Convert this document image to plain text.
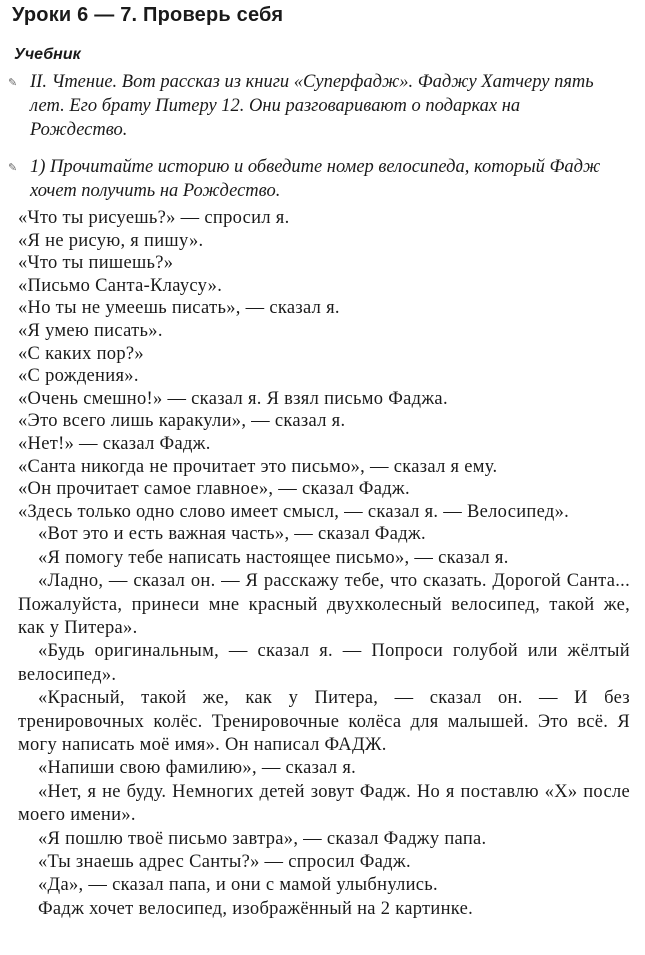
Уроки 6 — 7. Проверь себя
Учебник
✎ II. Чтение. Вот рассказ из книги «Суперфадж». Фаджу Хатчеру пять лет. Его брату Питеру 12. Они разговаривают о подарках на Рождество.
✎ 1) Прочитайте историю и обведите номер велосипеда, который Фадж хочет получить на Рождество.

«Что ты рисуешь?» — спросил я.

«Я не рисую, я пишу».

«Что ты пишешь?»

«Письмо Санта-Клаусу».

«Но ты не умеешь писать», — сказал я.

«Я умею писать».

«С каких пор?»

«С рождения».

«Очень смешно!» — сказал я. Я взял письмо Фаджа.

«Это всего лишь каракули», — сказал я.

«Нет!» — сказал Фадж.

«Санта никогда не прочитает это письмо», — сказал я ему.

«Он прочитает самое главное», — сказал Фадж.

«Здесь только одно слово имеет смысл, — сказал я. — Велосипед».

«Вот это и есть важная часть», — сказал Фадж.

«Я помогу тебе написать настоящее письмо», — сказал я.

«Ладно, — сказал он. — Я расскажу тебе, что сказать. Дорогой Санта... Пожалуйста, принеси мне красный двухколесный велосипед, такой же, как у Питера».

«Будь оригинальным, — сказал я. — Попроси голубой или жёлтый велосипед».

«Красный, такой же, как у Питера, — сказал он. — И без тренировочных колёс. Тренировочные колёса для малышей. Это всё. Я могу написать моё имя». Он написал ФАДЖ.

«Напиши свою фамилию», — сказал я.

«Нет, я не буду. Немногих детей зовут Фадж. Но я поставлю «Х» после моего имени».

«Я пошлю твоё письмо завтра», — сказал Фаджу папа.

«Ты знаешь адрес Санты?» — спросил Фадж.

«Да», — сказал папа, и они с мамой улыбнулись.

Фадж хочет велосипед, изображённый на 2 картинке.
